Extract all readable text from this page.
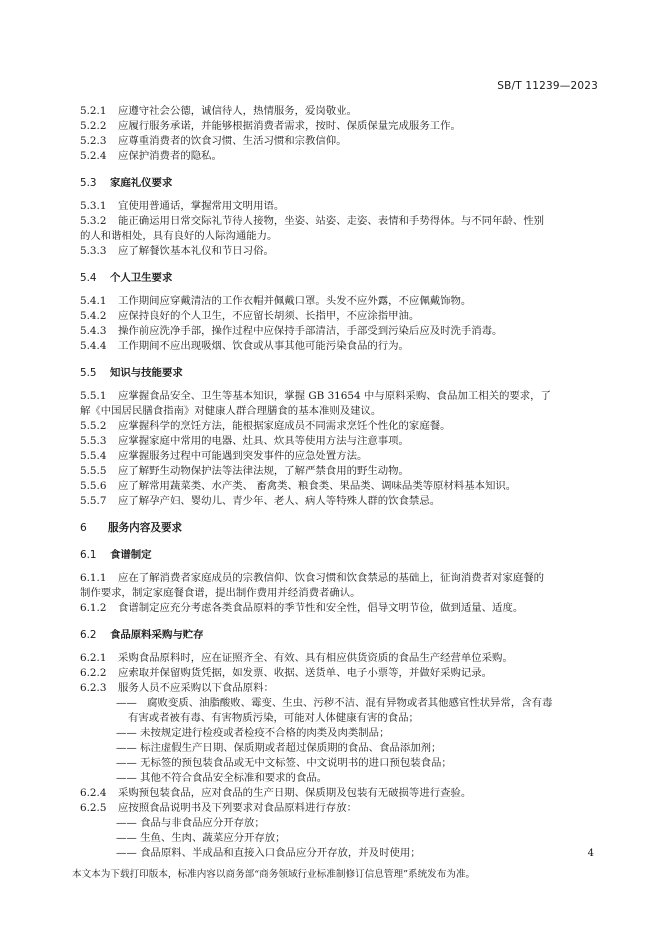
SB/T 11239—2023
5.2.1 应遵守社会公德，诚信待人，热情服务，爱岗敬业。
5.2.2 应履行服务承诺，并能够根据消费者需求，按时、保质保量完成服务工作。
5.2.3 应尊重消费者的饮食习惯、生活习惯和宗教信仰。
5.2.4 应保护消费者的隐私。
5.3 家庭礼仪要求
5.3.1 宜使用普通话，掌握常用文明用语。
5.3.2 能正确运用日常交际礼节待人接物，坐姿、站姿、走姿、表情和手势得体。与不同年龄、性别
的人和谐相处，具有良好的人际沟通能力。
5.3.3 应了解餐饮基本礼仪和节日习俗。
5.4 个人卫生要求
5.4.1 工作期间应穿戴清洁的工作衣帽并佩戴口罩。头发不应外露，不应佩戴饰物。
5.4.2 应保持良好的个人卫生，不应留长胡须、长指甲，不应涂指甲油。
5.4.3 操作前应洗净手部，操作过程中应保持手部清洁，手部受到污染后应及时洗手消毒。
5.4.4 工作期间不应出现吸烟、饮食或从事其他可能污染食品的行为。
5.5 知识与技能要求
5.5.1 应掌握食品安全、卫生等基本知识，掌握 GB 31654 中与原料采购、食品加工相关的要求，了
解《中国居民膳食指南》对健康人群合理膳食的基本准则及建议。
5.5.2 应掌握科学的烹饪方法，能根据家庭成员不同需求烹饪个性化的家庭餐。
5.5.3 应掌握家庭中常用的电器、灶具、炊具等使用方法与注意事项。
5.5.4 应掌握服务过程中可能遇到突发事件的应急处置方法。
5.5.5 应了解野生动物保护法等法律法规，了解严禁食用的野生动物。
5.5.6 应了解常用蔬菜类、水产类、 畜禽类、粮食类、果品类、调味品类等原材料基本知识。
5.5.7 应了解孕产妇、婴幼儿、青少年、老人、病人等特殊人群的饮食禁忌。
6 服务内容及要求
6.1 食谱制定
6.1.1 应在了解消费者家庭成员的宗教信仰、饮食习惯和饮食禁忌的基础上，征询消费者对家庭餐的
制作要求，制定家庭餐食谱，提出制作费用并经消费者确认。
6.1.2 食谱制定应充分考虑各类食品原料的季节性和安全性，倡导文明节俭，做到适量、适度。
6.2 食品原料采购与贮存
6.2.1 采购食品原料时，应在证照齐全、有效、具有相应供货资质的食品生产经营单位采购。
6.2.2 应索取并保留购货凭据，如发票、收据、送货单、电子小票等，并做好采购记录。
6.2.3 服务人员不应采购以下食品原料：
——　腐败变质、油脂酸败、霉变、生虫、污秽不洁、混有异物或者其他感官性状异常，含有毒
有害或者被有毒、有害物质污染，可能对人体健康有害的食品；
—— 未按规定进行检疫或者检疫不合格的肉类及肉类制品；
—— 标注虚假生产日期、保质期或者超过保质期的食品、食品添加剂；
—— 无标签的预包装食品或无中文标签、中文说明书的进口预包装食品；
—— 其他不符合食品安全标准和要求的食品。
6.2.4 采购预包装食品，应对食品的生产日期、保质期及包装有无破损等进行查验。
6.2.5 应按照食品说明书及下列要求对食品原料进行存放：
—— 食品与非食品应分开存放；
—— 生鱼、生肉、蔬菜应分开存放；
—— 食品原料、半成品和直接入口食品应分开存放，并及时使用；	4
本文本为下载打印版本，标准内容以商务部“商务领域行业标准制修订信息管理”系统发布为准。
